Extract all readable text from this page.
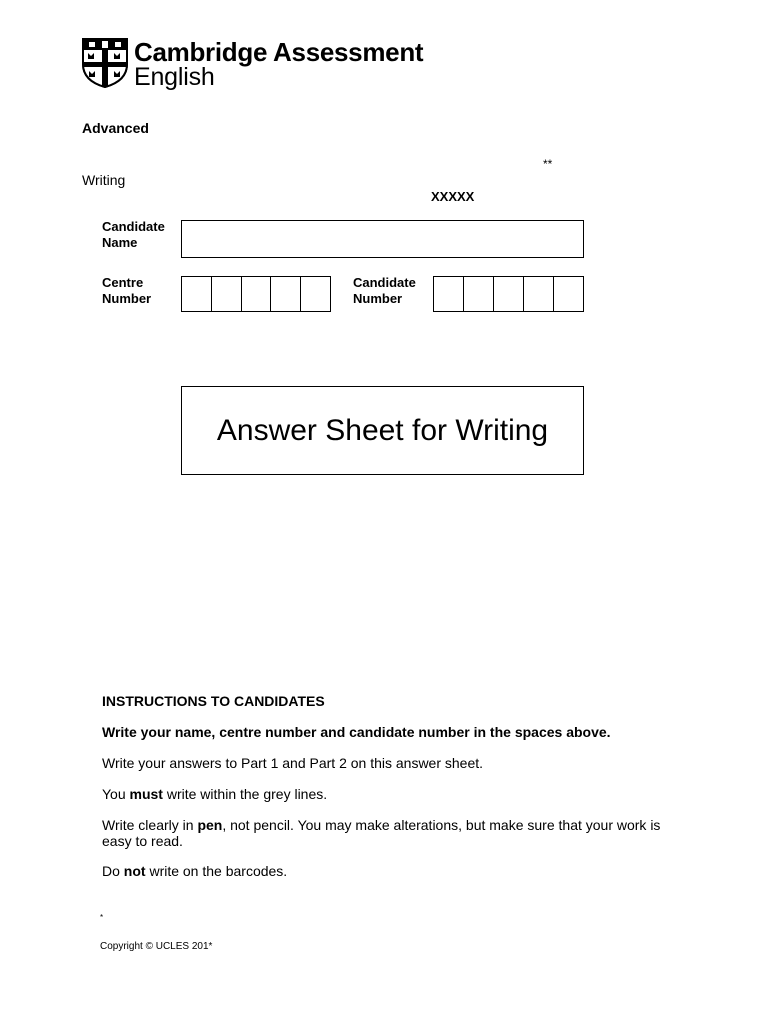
Cambridge Assessment
English
Advanced
**
Writing
XXXXX
Candidate
Name
Centre
Number
Candidate
Number
Answer Sheet for Writing
INSTRUCTIONS TO CANDIDATES
Write your name, centre number and candidate number in the spaces above.
Write your answers to Part 1 and Part 2 on this answer sheet.
You must write within the grey lines.
Write clearly in pen, not pencil. You may make alterations, but make sure that your work is easy to read.
Do not write on the barcodes.
*
Copyright © UCLES 201*
